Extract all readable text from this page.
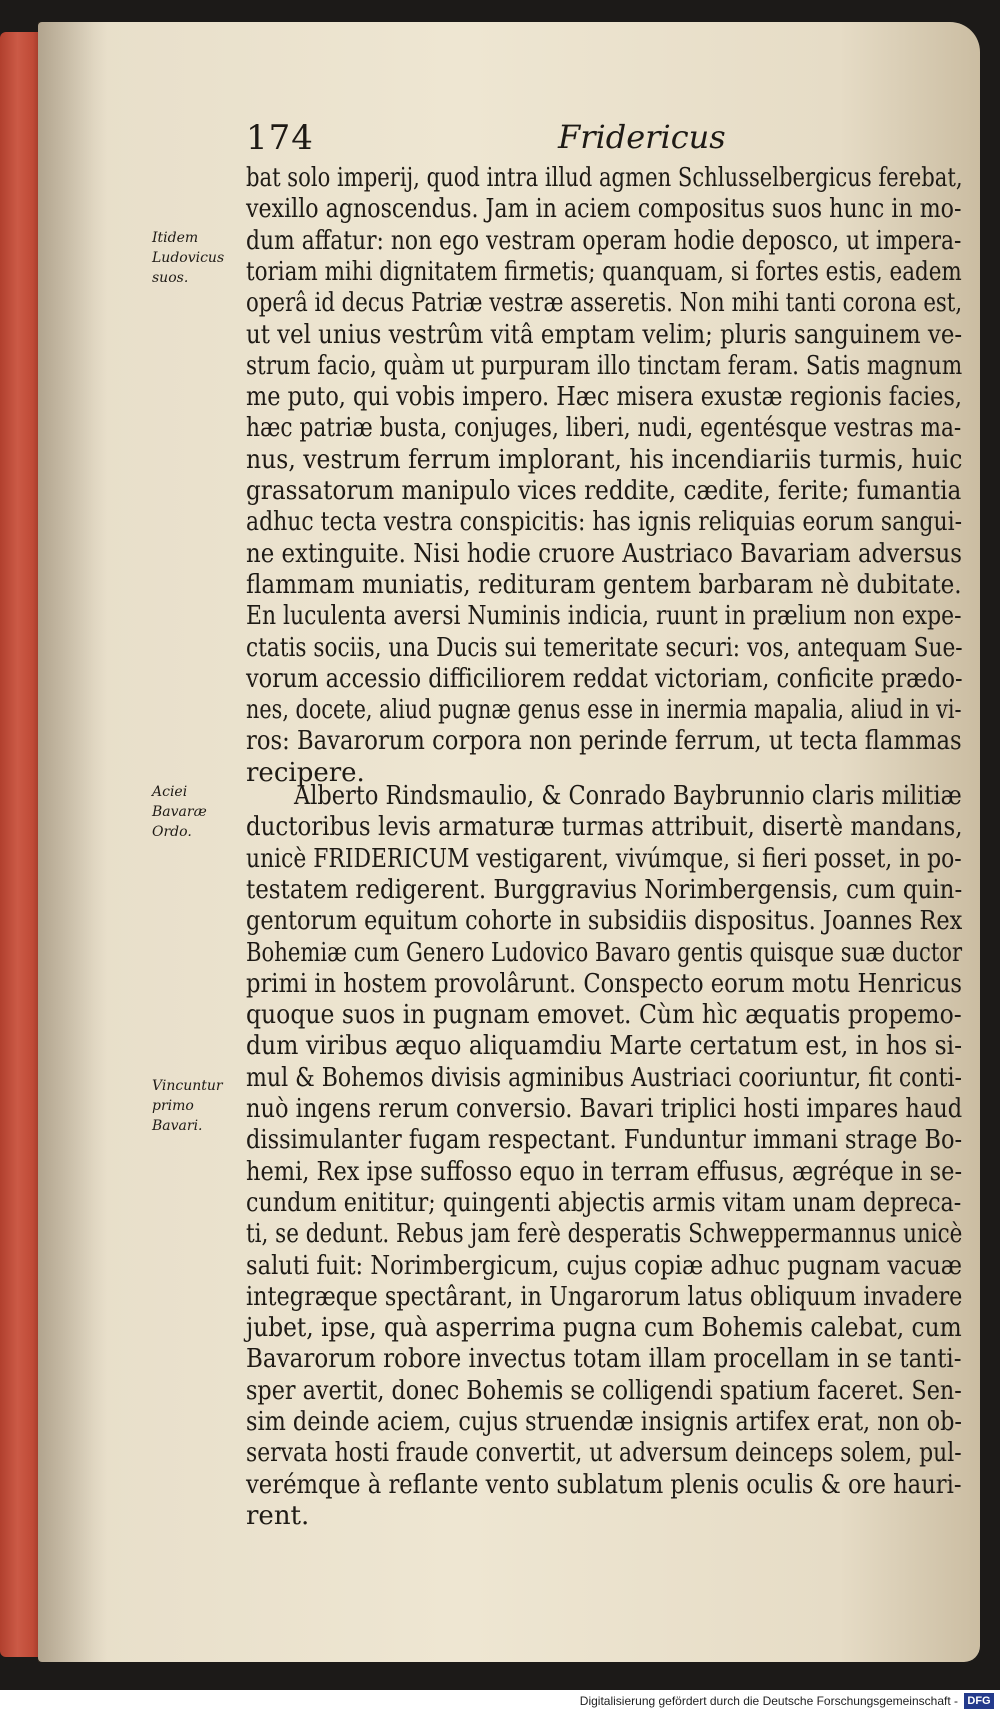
174	Fridericus
Itidem Ludovicus suos.
Aciei Bavaræ Ordo.
Vincuntur primo Bavari.
bat solo imperij, quod intra illud agmen Schlusselbergicus ferebat,
vexillo agnoscendus. Jam in aciem compositus suos hunc in mo-
dum affatur: non ego vestram operam hodie deposco, ut impera-
toriam mihi dignitatem firmetis; quanquam, si fortes estis, eadem
operâ id decus Patriæ vestræ asseretis. Non mihi tanti corona est,
ut vel unius vestrûm vitâ emptam velim; pluris sanguinem ve-
strum facio, quàm ut purpuram illo tinctam feram. Satis magnum
me puto, qui vobis impero. Hæc misera exustæ regionis facies,
hæc patriæ busta, conjuges, liberi, nudi, egentésque vestras ma-
nus, vestrum ferrum implorant, his incendiariis turmis, huic
grassatorum manipulo vices reddite, cædite, ferite; fumantia
adhuc tecta vestra conspicitis: has ignis reliquias eorum sangui-
ne extinguite. Nisi hodie cruore Austriaco Bavariam adversus
flammam muniatis, redituram gentem barbaram nè dubitate.
En luculenta aversi Numinis indicia, ruunt in prælium non expe-
ctatis sociis, una Ducis sui temeritate securi: vos, antequam Sue-
vorum accessio difficiliorem reddat victoriam, conficite prædo-
nes, docete, aliud pugnæ genus esse in inermia mapalia, aliud in vi-
ros: Bavarorum corpora non perinde ferrum, ut tecta flammas
recipere.
Alberto Rindsmaulio, & Conrado Baybrunnio claris militiæ
ductoribus levis armaturæ turmas attribuit, disertè mandans,
unicè FRIDERICUM vestigarent, vivúmque, si fieri posset, in po-
testatem redigerent. Burggravius Norimbergensis, cum quin-
gentorum equitum cohorte in subsidiis dispositus. Joannes Rex
Bohemiæ cum Genero Ludovico Bavaro gentis quisque suæ ductor
primi in hostem provolârunt. Conspecto eorum motu Henricus
quoque suos in pugnam emovet. Cùm hìc æquatis propemo-
dum viribus æquo aliquamdiu Marte certatum est, in hos si-
mul & Bohemos divisis agminibus Austriaci cooriuntur, fit conti-
nuò ingens rerum conversio. Bavari triplici hosti impares haud
dissimulanter fugam respectant. Funduntur immani strage Bo-
hemi, Rex ipse suffosso equo in terram effusus, ægréque in se-
cundum enititur; quingenti abjectis armis vitam unam depreca-
ti, se dedunt. Rebus jam ferè desperatis Schweppermannus unicè
saluti fuit: Norimbergicum, cujus copiæ adhuc pugnam vacuæ
integræque spectârant, in Ungarorum latus obliquum invadere
jubet, ipse, quà asperrima pugna cum Bohemis calebat, cum
Bavarorum robore invectus totam illam procellam in se tanti-
sper avertit, donec Bohemis se colligendi spatium faceret. Sen-
sim deinde aciem, cujus struendæ insignis artifex erat, non ob-
servata hosti fraude convertit, ut adversum deinceps solem, pul-
verémque à reflante vento sublatum plenis oculis & ore hauri-
rent.
Digitalisierung gefördert durch die Deutsche Forschungsgemeinschaft - DFG
